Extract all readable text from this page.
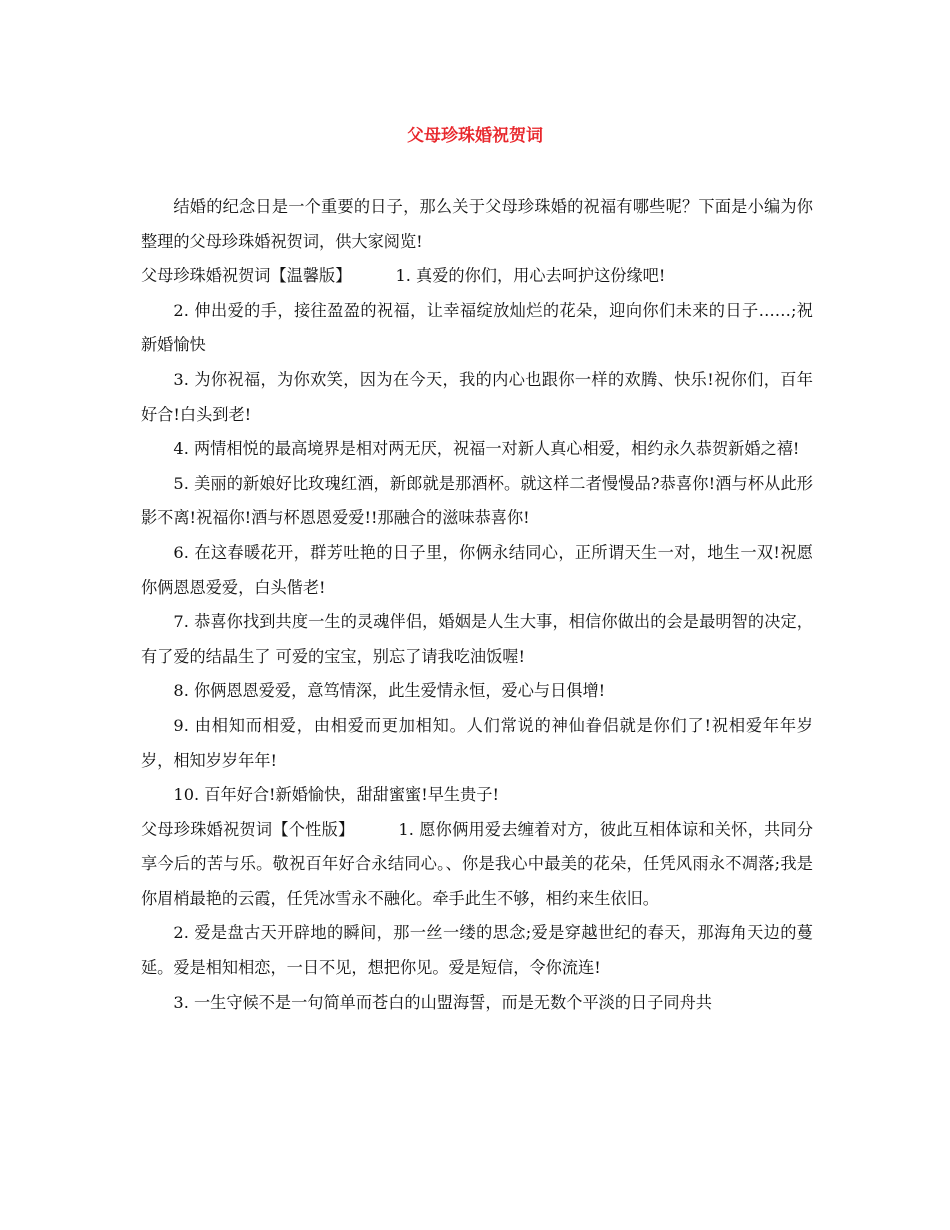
父母珍珠婚祝贺词

结婚的纪念日是一个重要的日子，那么关于父母珍珠婚的祝福有哪些呢？下面是小编为你整理的父母珍珠婚祝贺词，供大家阅览!

父母珍珠婚祝贺词【温馨版】	1. 真爱的你们，用心去呵护这份缘吧!

2. 伸出爱的手，接往盈盈的祝福，让幸福绽放灿烂的花朵，迎向你们未来的日子……;祝新婚愉快

3. 为你祝福，为你欢笑，因为在今天，我的内心也跟你一样的欢腾、快乐!祝你们，百年好合!白头到老!

4. 两情相悦的最高境界是相对两无厌，祝福一对新人真心相爱，相约永久恭贺新婚之禧!

5. 美丽的新娘好比玫瑰红酒，新郎就是那酒杯。就这样二者慢慢品?恭喜你!酒与杯从此形影不离!祝福你!酒与杯恩恩爱爱!!那融合的滋味恭喜你!

6. 在这春暖花开，群芳吐艳的日子里，你俩永结同心，正所谓天生一对，地生一双!祝愿你俩恩恩爱爱，白头偕老!

7. 恭喜你找到共度一生的灵魂伴侣，婚姻是人生大事，相信你做出的会是最明智的决定，有了爱的结晶生了 可爱的宝宝，别忘了请我吃油饭喔!

8. 你俩恩恩爱爱，意笃情深，此生爱情永恒，爱心与日俱增!

9. 由相知而相爱，由相爱而更加相知。人们常说的神仙眷侣就是你们了!祝相爱年年岁岁，相知岁岁年年!

10. 百年好合!新婚愉快，甜甜蜜蜜!早生贵子!

父母珍珠婚祝贺词【个性版】	1. 愿你俩用爱去缠着对方，彼此互相体谅和关怀，共同分享今后的苦与乐。敬祝百年好合永结同心。、你是我心中最美的花朵，任凭风雨永不凋落;我是你眉梢最艳的云霞，任凭冰雪永不融化。牵手此生不够，相约来生依旧。

2. 爱是盘古天开辟地的瞬间，那一丝一缕的思念;爱是穿越世纪的春天，那海角天边的蔓延。爱是相知相恋，一日不见，想把你见。爱是短信，令你流连!

3. 一生守候不是一句简单而苍白的山盟海誓，而是无数个平淡的日子同舟共
